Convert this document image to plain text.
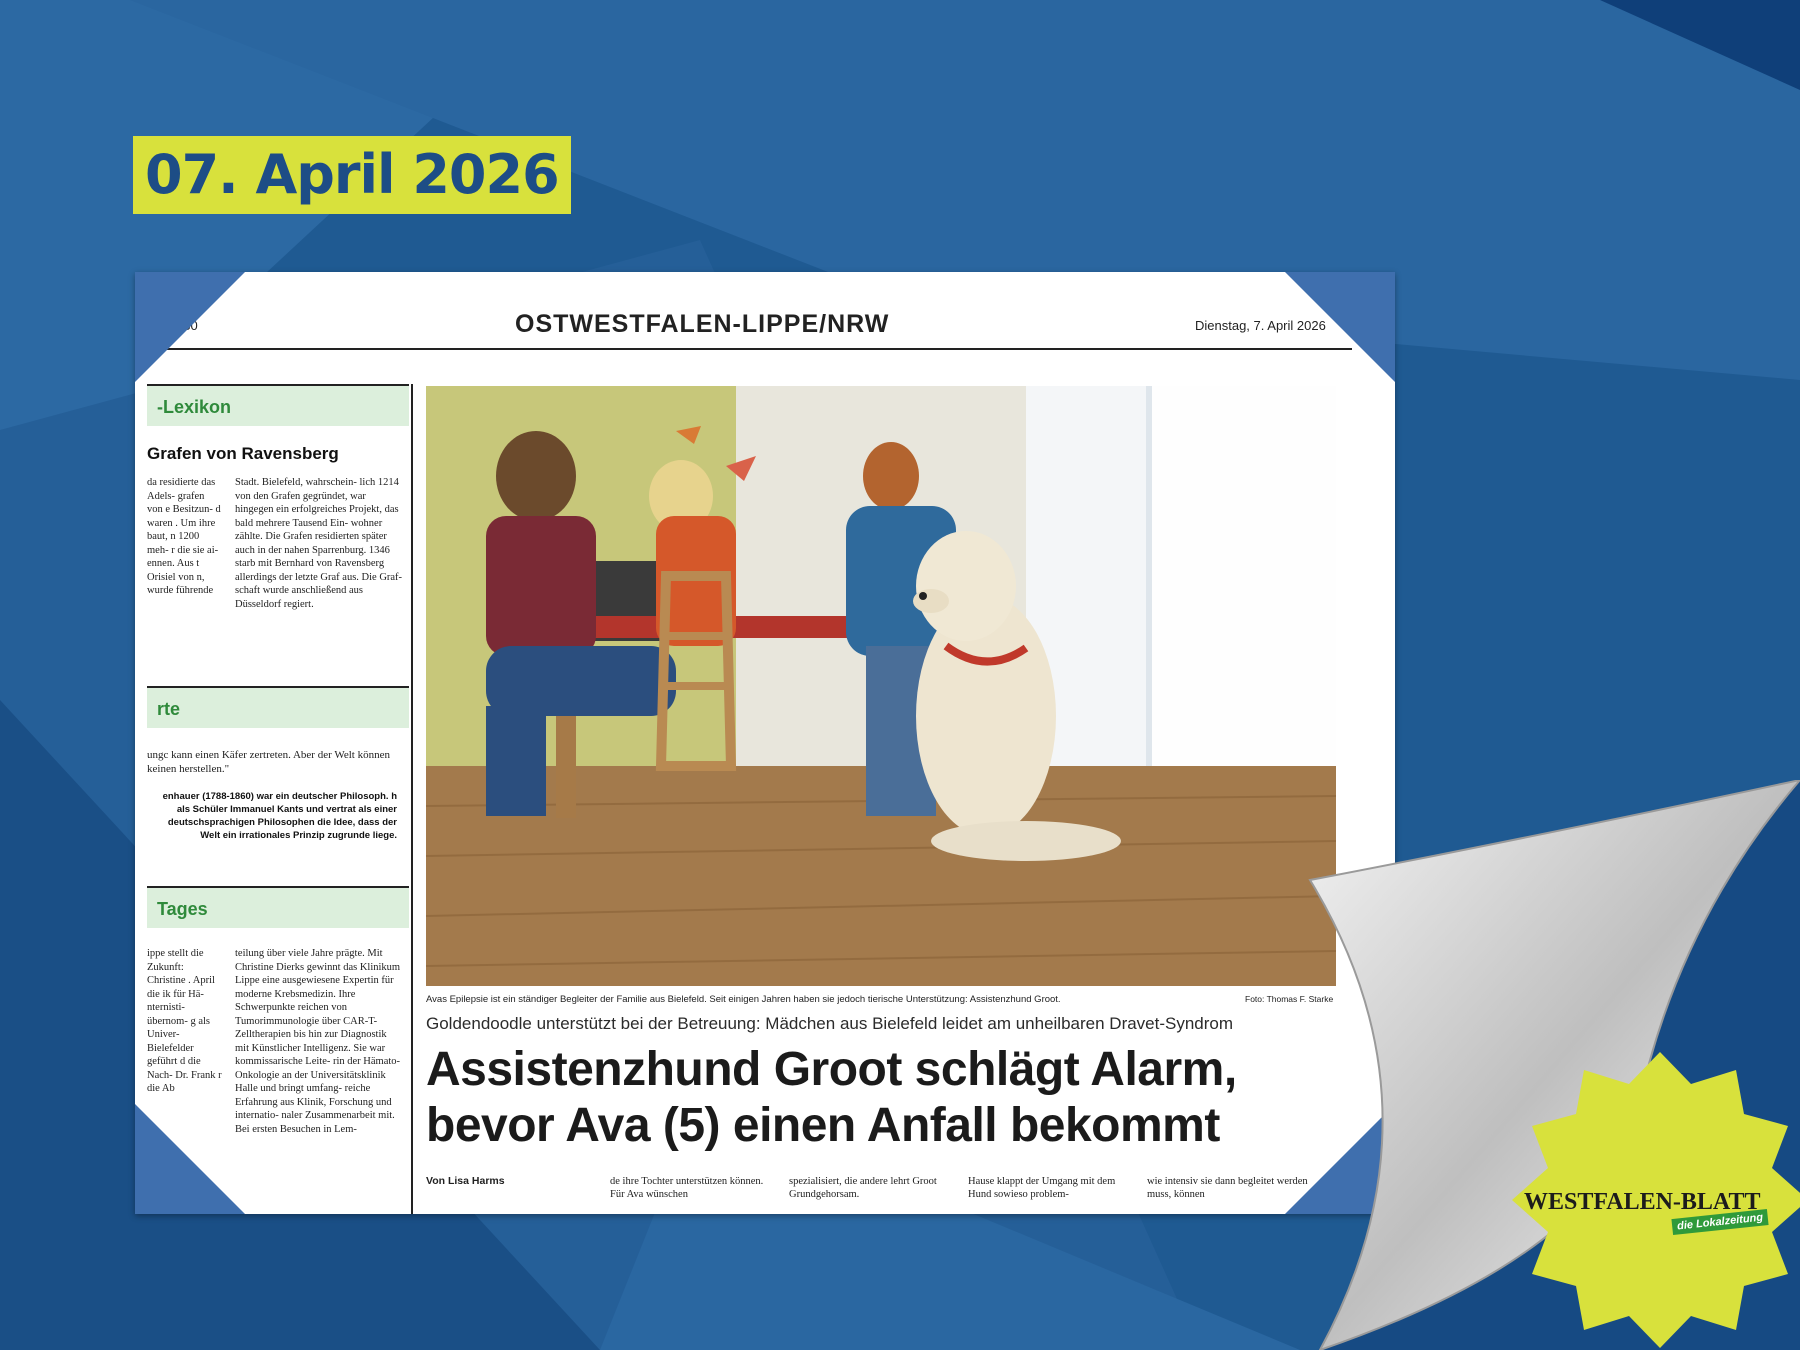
07. April 2026
Nr. 80	OSTWESTFALEN-LIPPE/NRW	Dienstag, 7. April 2026
-Lexikon
Grafen von Ravensberg
da residierte das Adels- grafen von e Besitzun- d waren . Um ihre baut, n 1200 meh- r die sie ai- ennen. Aus t Orisiel von n, wurde führende
Stadt. Bielefeld, wahrschein- lich 1214 von den Grafen gegründet, war hingegen ein erfolgreiches Projekt, das bald mehrere Tausend Ein- wohner zählte. Die Grafen residierten später auch in der nahen Sparrenburg. 1346 starb mit Bernhard von Ravensberg allerdings der letzte Graf aus. Die Graf- schaft wurde anschließend aus Düsseldorf regiert.
rte
ungc kann einen Käfer zertreten. Aber der Welt können keinen herstellen."
enhauer (1788-1860) war ein deutscher Philosoph. h als Schüler Immanuel Kants und vertrat als einer deutschsprachigen Philosophen die Idee, dass der Welt ein irrationales Prinzip zugrunde liege.
Tages
ippe stellt die Zukunft: Christine . April die ik für Hä- nternisti- übernom- g als Univer- Bielefelder geführt d die Nach- Dr. Frank r die Ab
teilung über viele Jahre prägte. Mit Christine Dierks gewinnt das Klinikum Lippe eine ausgewiesene Expertin für moderne Krebsmedizin. Ihre Schwerpunkte reichen von Tumorimmunologie über CAR-T-Zelltherapien bis hin zur Diagnostik mit Künstlicher Intelligenz. Sie war kommissarische Leite- rin der Hämato-Onkologie an der Universitätsklinik Halle und bringt umfang- reiche Erfahrung aus Klinik, Forschung und internatio- naler Zusammenarbeit mit. Bei ersten Besuchen in Lem-
Avas Epilepsie ist ein ständiger Begleiter der Familie aus Bielefeld. Seit einigen Jahren haben sie jedoch tierische Unterstützung: Assistenzhund Groot.	Foto: Thomas F. Starke
Goldendoodle unterstützt bei der Betreuung: Mädchen aus Bielefeld leidet am unheilbaren Dravet-Syndrom
Assistenzhund Groot schlägt Alarm,
bevor Ava (5) einen Anfall bekommt
Von Lisa Harms	de ihre Tochter unterstützen können. Für Ava wünschen
spezialisiert, die andere lehrt Groot Grundgehorsam.
Hause klappt der Umgang mit dem Hund sowieso problem-
wie intensiv sie dann begleitet werden muss, können	WESTFALEN-BLATT
die Lokalzeitung
